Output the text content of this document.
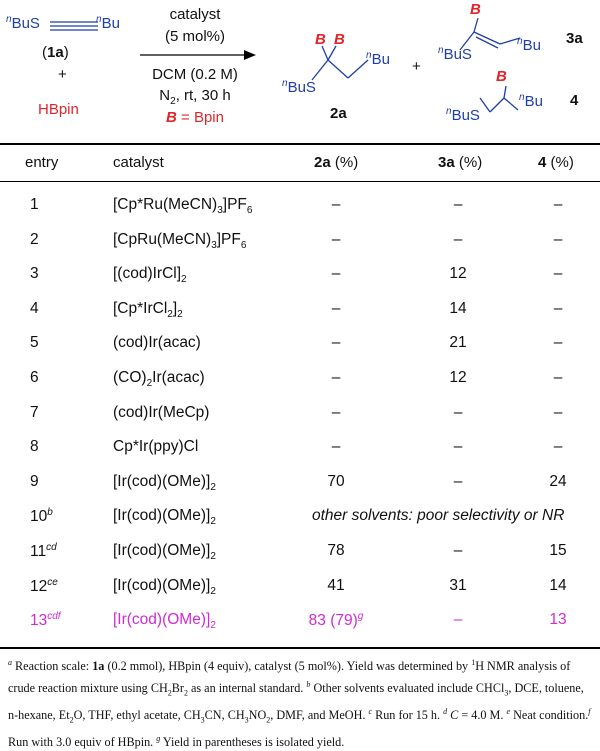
$^n$BuS	$^n$Bu
(1a)
+
HBpin
catalyst
(5 mol%)
DCM (0.2 M)
$N_2$, rt, 30 h
B = Bpin
B B
$^n$BuS
$^n$Bu
2a
+
B
$^n$BuS
$^n$Bu 3a
B
$^n$BuS
$^n$Bu 4
entry	catalyst	2a (%)	3a (%)	4 (%)
1	$[Cp*Ru(MeCN)_3]PF_6$	–	–	–
2	$[CpRu(MeCN)_3]PF_6$	–	–	–
3	$[(cod)IrCl]_2$	–	12	–
4	$[Cp*IrCl_2]_2$	–	14	–
5	(cod)Ir(acac)	–	21	–
6	$(CO)_2Ir(acac)$	–	12	–
7	(cod)Ir(MeCp)	–	–	–
8	Cp*Ir(ppy)Cl	–	–	–
9	$[Ir(cod)(OMe)]_2$	70	–	24
10$^b$	$[Ir(cod)(OMe)]_2$	other solvents: poor selectivity or NR
$11^{cd}$	$[Ir(cod)(OMe)]_2$	78	–	15
$12^{ce}$	$[Ir(cod)(OMe)]_2$	41	31	14
$13^{cdf}$	$[Ir(cod)(OMe)]_2$	83 $(79)^g$	–	13
$^a$ Reaction scale: 1a (0.2 mmol), HBpin (4 equiv), catalyst (5 mol%). Yield was determined by $^1$H NMR analysis of crude reaction mixture using $CH_2Br_2$ as an internal standard. $^b$ Other solvents evaluated include CHCl$_3$, DCE, toluene, n-hexane, $Et_2O$, THF, ethyl acetate, $CH_3CN$, $CH_3NO_2$, DMF, and MeOH. $^c$ Run for 15 h. $^d$ C = 4.0 M. $^e$ Neat condition.$^f$ Run with 3.0 equiv of HBpin. $^g$ Yield in parentheses is isolated yield.
